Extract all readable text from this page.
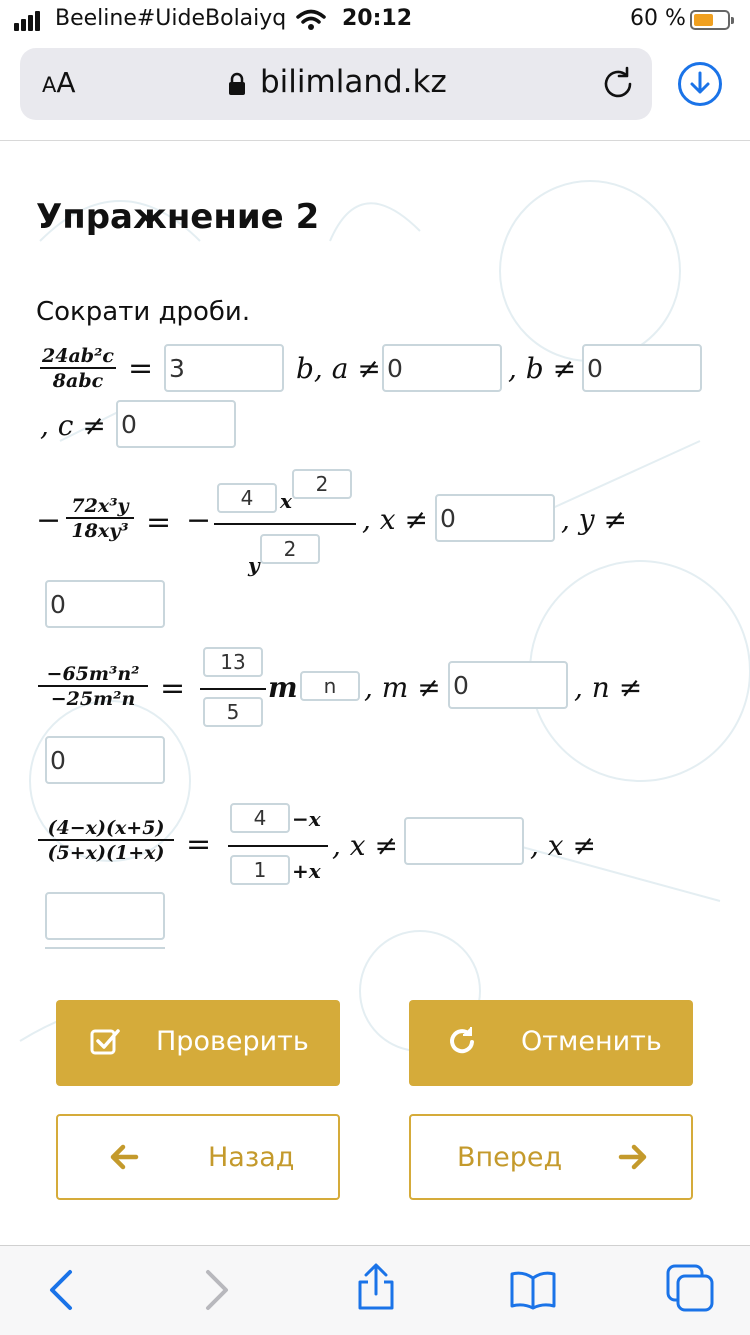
Beeline#UideBolaiyq	20:12	60 %
AA	bilimland.kz
Упражнение 2
Сократи дроби.
24ab²c
8abc =
3	b, a ≠
0	, b ≠
0
, c ≠
0
− $\frac{\text{72x³y}}{\text{18xy³}}$ = −
4
x
2
y
2
, x ≠
0	, y ≠
0
$\frac{\text{−65m³n²}}{\text{−25m²n}}$ =
13
5	m
n , m ≠
0	, n ≠
0
$\frac{(4-x)(x+5)}{(5+x)(1+x)}$ =
4
−x
1
+x
, x ≠	, x ≠
Проверить	Отменить
Назад	Вперед
